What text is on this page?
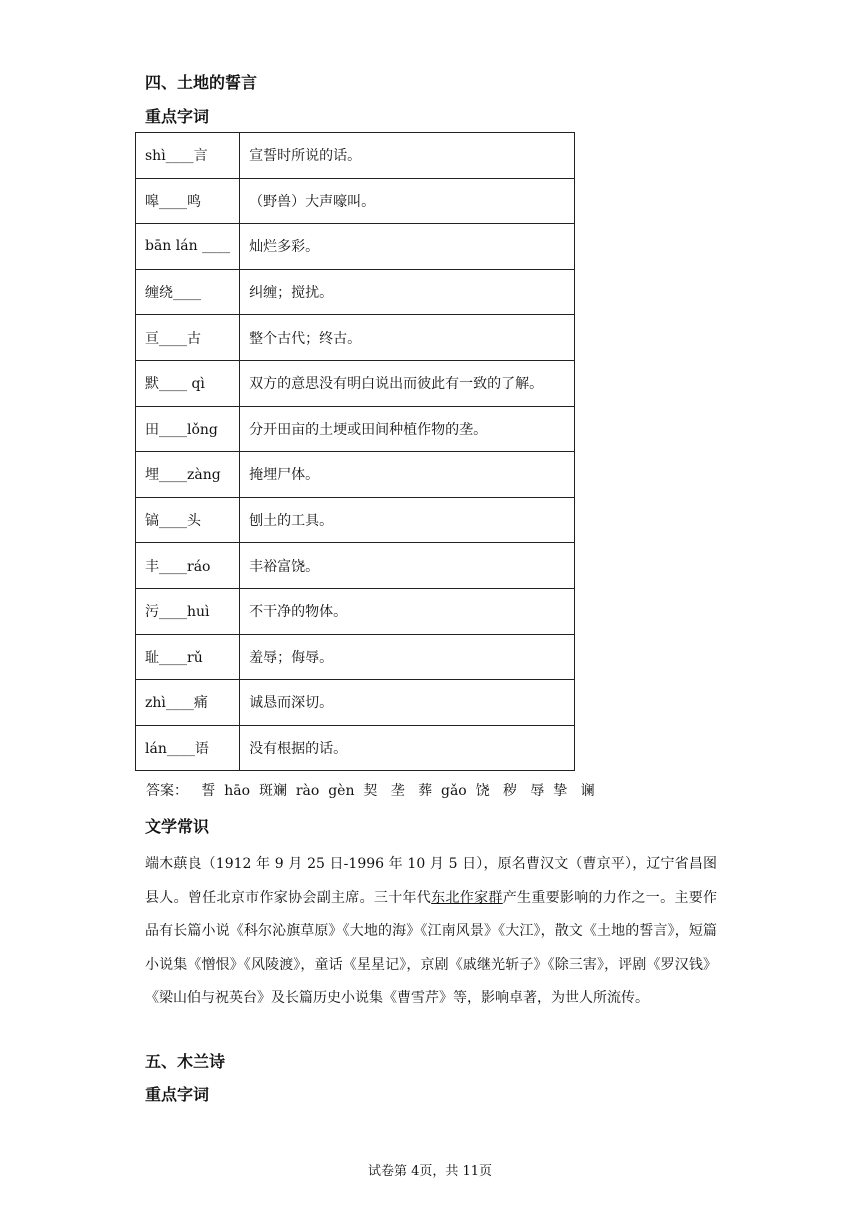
四、土地的誓言
重点字词
shì____言	宣誓时所说的话。
嗥____鸣	（野兽）大声嚎叫。
bān lán ____	灿烂多彩。
缠绕____	纠缠；搅扰。
亘____古	整个古代；终古。
默____ qì	双方的意思没有明白说出而彼此有一致的了解。
田____lǒng	分开田亩的土埂或田间种植作物的垄。
埋____zàng	掩埋尸体。
镐____头	刨土的工具。
丰____ráo	丰裕富饶。
污____huì	不干净的物体。
耻____rǔ	羞辱；侮辱。
zhì____痛	诚恳而深切。
lán____语	没有根据的话。
答案：   誓  hāo  斑斓  rào  gèn  契   垄   葬  gǎo  饶   秽   辱  挚   谰
文学常识

端木蕻良（1912 年 9 月 25 日-1996 年 10 月 5 日），原名曹汉文（曹京平），辽宁省昌图县人。曾任北京市作家协会副主席。三十年代东北作家群产生重要影响的力作之一。主要作品有长篇小说《科尔沁旗草原》《大地的海》《江南风景》《大江》，散文《土地的誓言》，短篇小说集《憎恨》《风陵渡》，童话《星星记》，京剧《戚继光斩子》《除三害》，评剧《罗汉钱》《梁山伯与祝英台》及长篇历史小说集《曹雪芹》等，影响卓著，为世人所流传。

五、木兰诗
重点字词
试卷第 4页，共 11页
